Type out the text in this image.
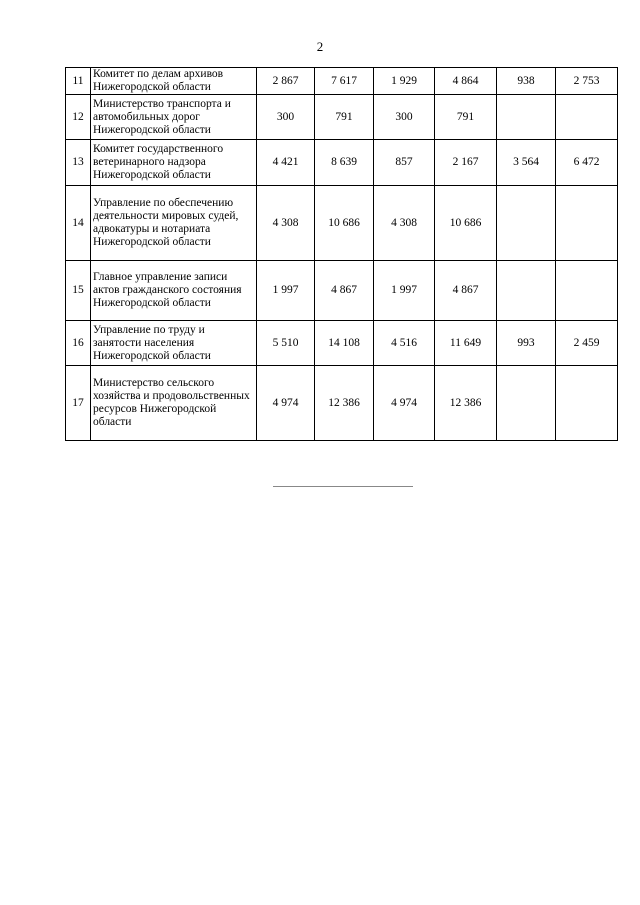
2
11	Комитет по делам архивов Нижегородской области	2 867	7 617	1 929	4 864	938	2 753
12	Министерство транспорта и автомобильных дорог Нижегородской области	300	791	300	791		
13	Комитет государственного ветеринарного надзора Нижегородской области	4 421	8 639	857	2 167	3 564	6 472
14	Управление по обеспечению деятельности мировых судей, адвокатуры и нотариата Нижегородской области	4 308	10 686	4 308	10 686		
15	Главное управление записи актов гражданского состояния Нижегородской области	1 997	4 867	1 997	4 867		
16	Управление по труду и занятости населения Нижегородской области	5 510	14 108	4 516	11 649	993	2 459
17	Министерство сельского хозяйства и продовольственных ресурсов Нижегородской области	4 974	12 386	4 974	12 386		
